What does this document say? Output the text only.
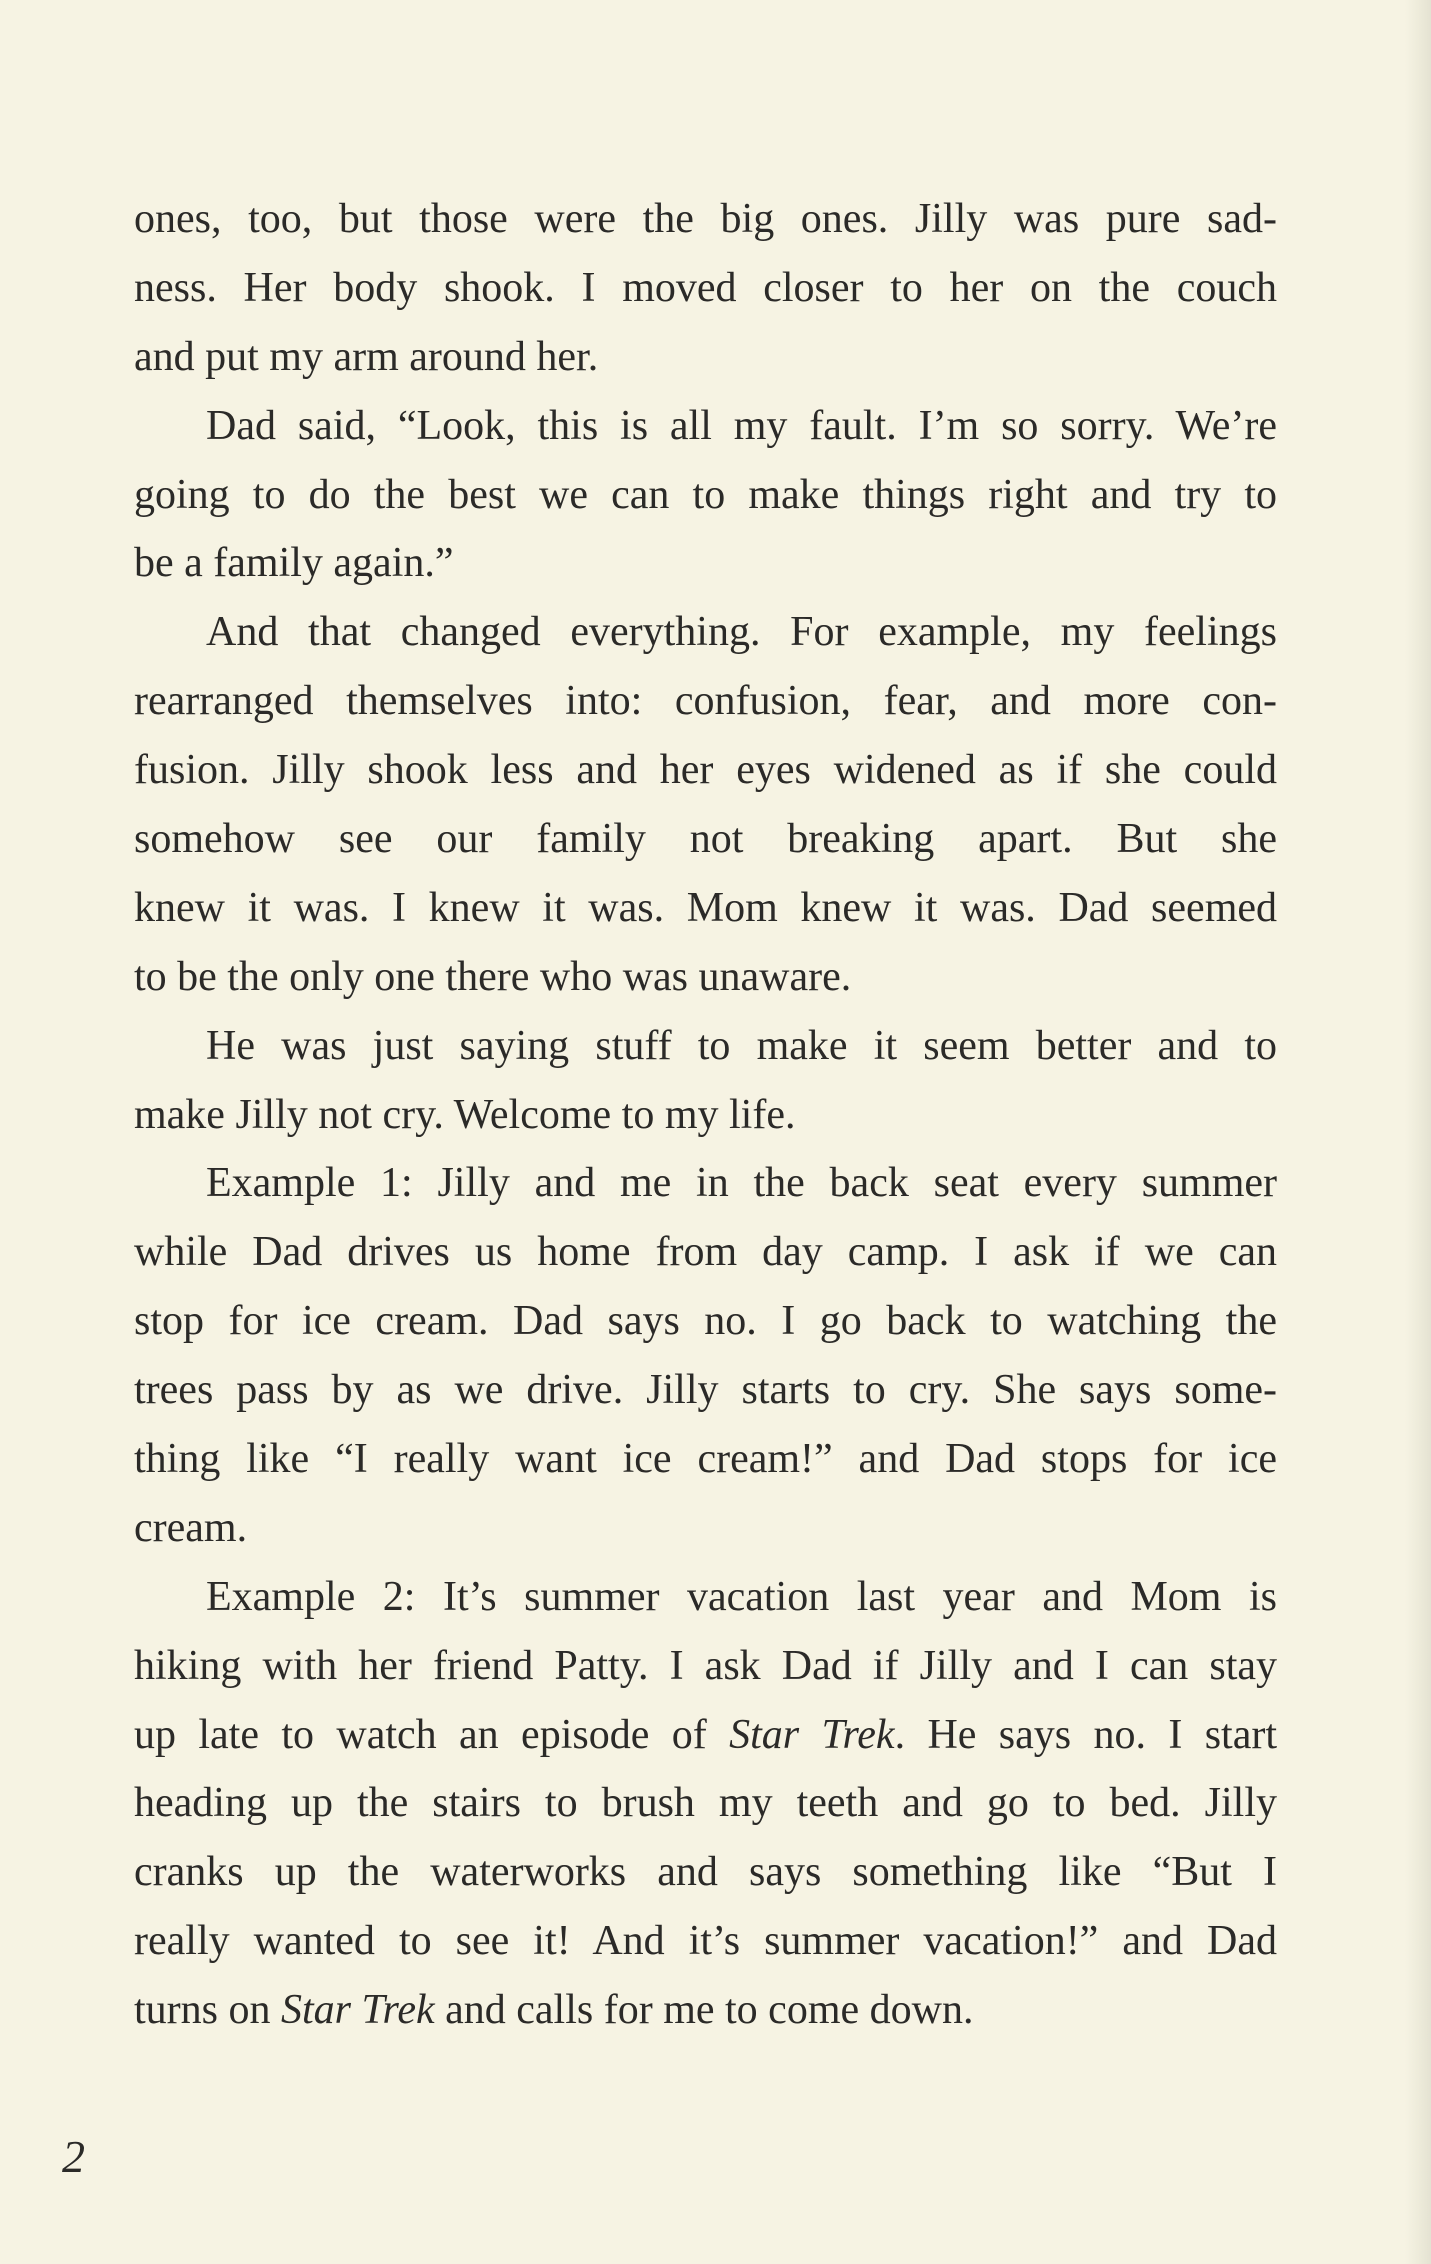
ones, too, but those were the big ones. Jilly was pure sad-
ness. Her body shook. I moved closer to her on the couch
and put my arm around her.
Dad said, “Look, this is all my fault. I’m so sorry. We’re
going to do the best we can to make things right and try to
be a family again.”
And that changed everything. For example, my feelings
rearranged themselves into: confusion, fear, and more con-
fusion. Jilly shook less and her eyes widened as if she could
somehow see our family not breaking apart. But she
knew it was. I knew it was. Mom knew it was. Dad seemed
to be the only one there who was unaware.
He was just saying stuff to make it seem better and to
make Jilly not cry. Welcome to my life.
Example 1: Jilly and me in the back seat every summer
while Dad drives us home from day camp. I ask if we can
stop for ice cream. Dad says no. I go back to watching the
trees pass by as we drive. Jilly starts to cry. She says some-
thing like “I really want ice cream!” and Dad stops for ice
cream.
Example 2: It’s summer vacation last year and Mom is
hiking with her friend Patty. I ask Dad if Jilly and I can stay
up late to watch an episode of Star Trek. He says no. I start
heading up the stairs to brush my teeth and go to bed. Jilly
cranks up the waterworks and says something like “But I
really wanted to see it! And it’s summer vacation!” and Dad
turns on Star Trek and calls for me to come down.
2
